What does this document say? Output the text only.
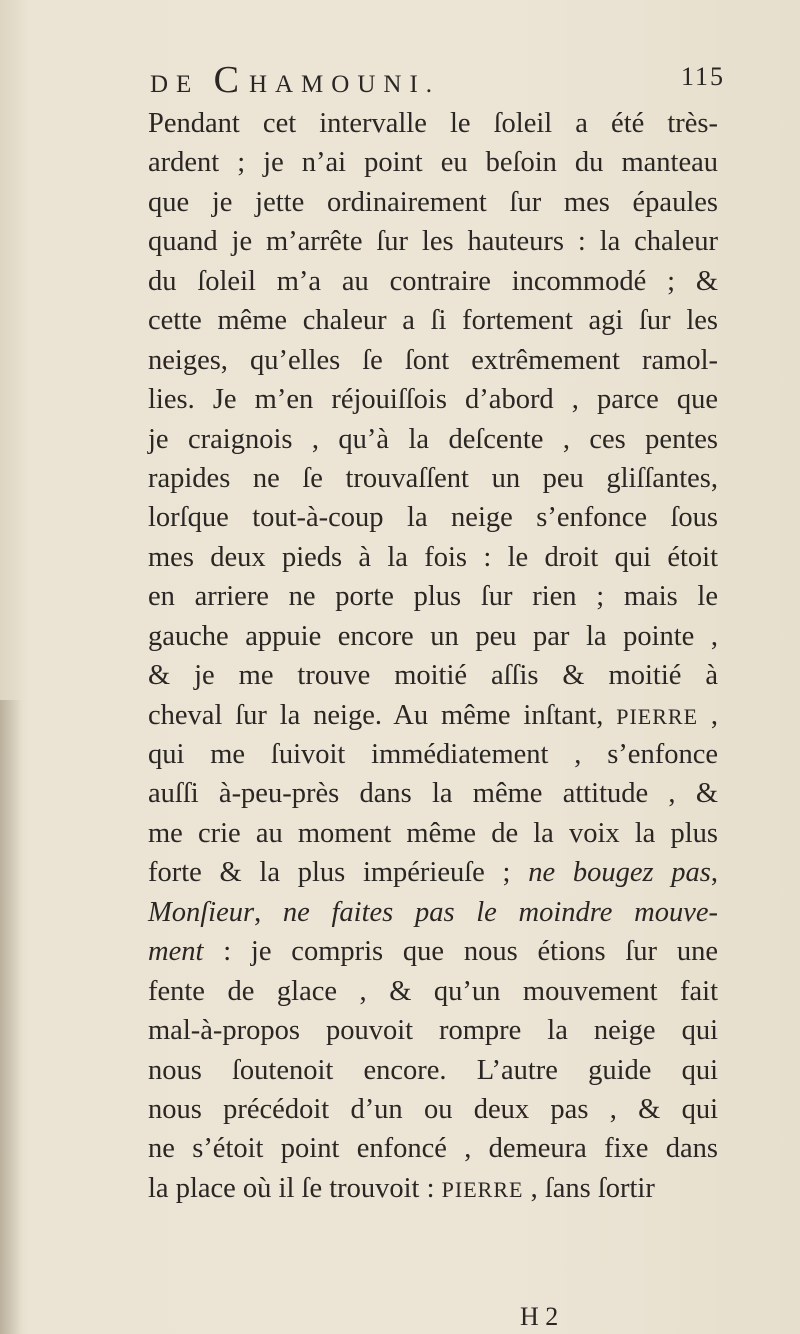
DE CHAMOUNI.	115
Pendant cet intervalle le ſoleil a été très-
ardent ; je n’ai point eu beſoin du manteau
que je jette ordinairement ſur mes épaules
quand je m’arrête ſur les hauteurs : la chaleur
du ſoleil m’a au contraire incommodé ; &
cette même chaleur a ſi fortement agi ſur les
neiges, qu’elles ſe ſont extrêmement ramol-
lies. Je m’en réjouiſſois d’abord , parce que
je craignois , qu’à la deſcente , ces pentes
rapides ne ſe trouvaſſent un peu gliſſantes,
lorſque tout-à-coup la neige s’enfonce ſous
mes deux pieds à la fois : le droit qui étoit
en arriere ne porte plus ſur rien ; mais le
gauche appuie encore un peu par la pointe ,
& je me trouve moitié aſſis & moitié à
cheval ſur la neige. Au même inſtant, PIERRE ,
qui me ſuivoit immédiatement , s’enfonce
auſſi à-peu-près dans la même attitude , &
me crie au moment même de la voix la plus
forte & la plus impérieuſe ; ne bougez pas,
Monſieur, ne faites pas le moindre mouve-
ment : je compris que nous étions ſur une
fente de glace , & qu’un mouvement fait
mal-à-propos pouvoit rompre la neige qui
nous ſoutenoit encore. L’autre guide qui
nous précédoit d’un ou deux pas , & qui
ne s’étoit point enfoncé , demeura fixe dans
la place où il ſe trouvoit : PIERRE , ſans ſortir
H 2
